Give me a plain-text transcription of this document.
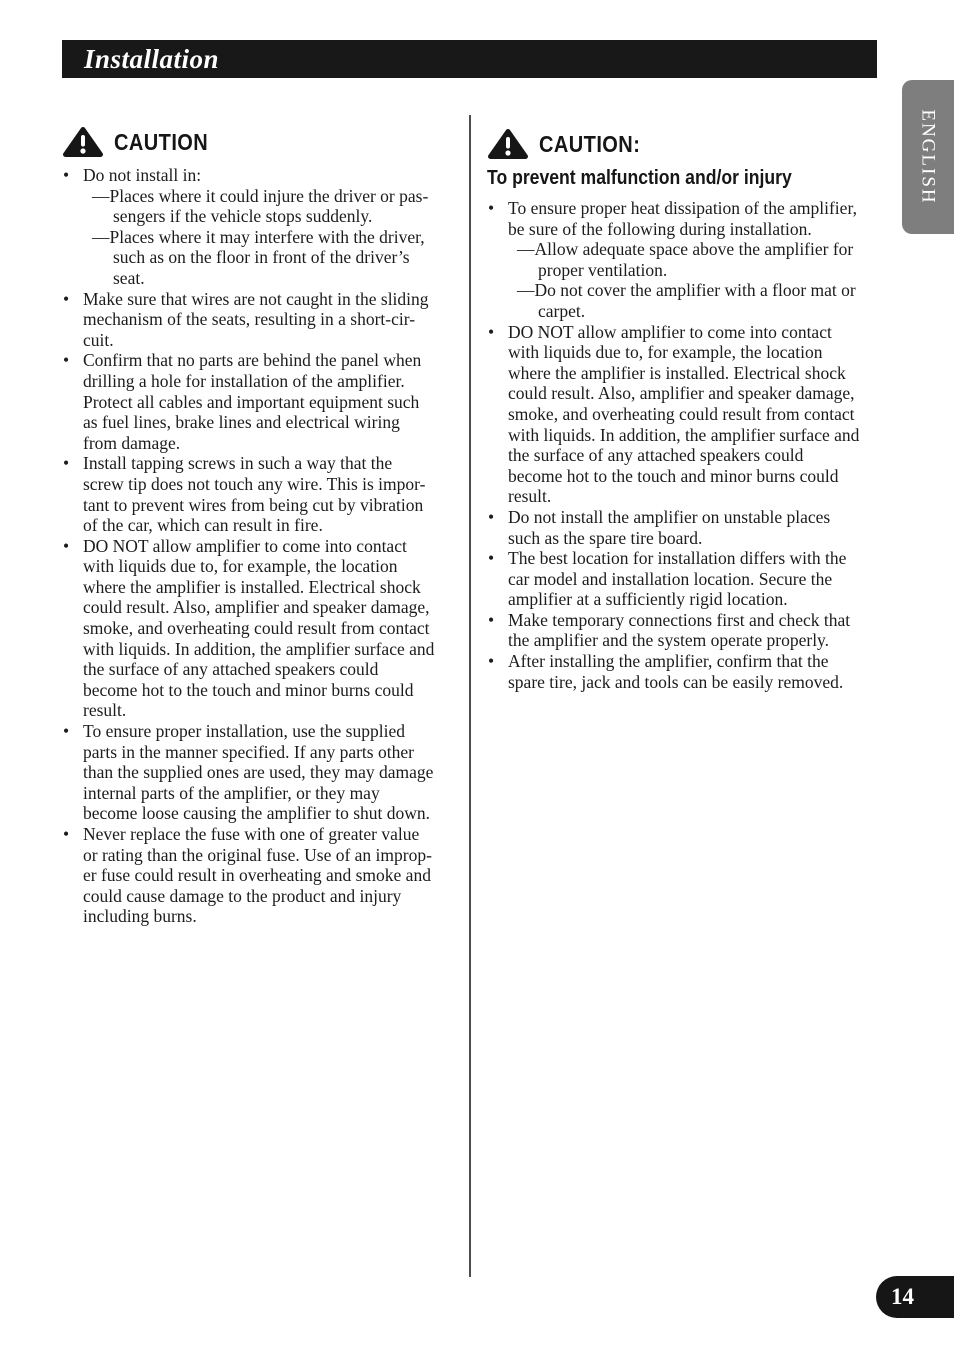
Installation
ENGLISH
CAUTION
• Do not install in:
—Places where it could injure the driver or pas-
sengers if the vehicle stops suddenly.
—Places where it may interfere with the driver,
such as on the floor in front of the driver’s
seat.
• Make sure that wires are not caught in the sliding
mechanism of the seats, resulting in a short-cir-
cuit.
• Confirm that no parts are behind the panel when
drilling a hole for installation of the amplifier.
Protect all cables and important equipment such
as fuel lines, brake lines and electrical wiring
from damage.
• Install tapping screws in such a way that the
screw tip does not touch any wire. This is impor-
tant to prevent wires from being cut by vibration
of the car, which can result in fire.
• DO NOT allow amplifier to come into contact
with liquids due to, for example, the location
where the amplifier is installed. Electrical shock
could result. Also, amplifier and speaker damage,
smoke, and overheating could result from contact
with liquids. In addition, the amplifier surface and
the surface of any attached speakers could
become hot to the touch and minor burns could
result.
• To ensure proper installation, use the supplied
parts in the manner specified. If any parts other
than the supplied ones are used, they may damage
internal parts of the amplifier, or they may
become loose causing the amplifier to shut down.
• Never replace the fuse with one of greater value
or rating than the original fuse. Use of an improp-
er fuse could result in overheating and smoke and
could cause damage to the product and injury
including burns.
CAUTION:
To prevent malfunction and/or injury
• To ensure proper heat dissipation of the amplifier,
be sure of the following during installation.
—Allow adequate space above the amplifier for
proper ventilation.
—Do not cover the amplifier with a floor mat or
carpet.
• DO NOT allow amplifier to come into contact
with liquids due to, for example, the location
where the amplifier is installed. Electrical shock
could result. Also, amplifier and speaker damage,
smoke, and overheating could result from contact
with liquids. In addition, the amplifier surface and
the surface of any attached speakers could
become hot to the touch and minor burns could
result.
• Do not install the amplifier on unstable places
such as the spare tire board.
• The best location for installation differs with the
car model and installation location. Secure the
amplifier at a sufficiently rigid location.
• Make temporary connections first and check that
the amplifier and the system operate properly.
• After installing the amplifier, confirm that the
spare tire, jack and tools can be easily removed.
14
